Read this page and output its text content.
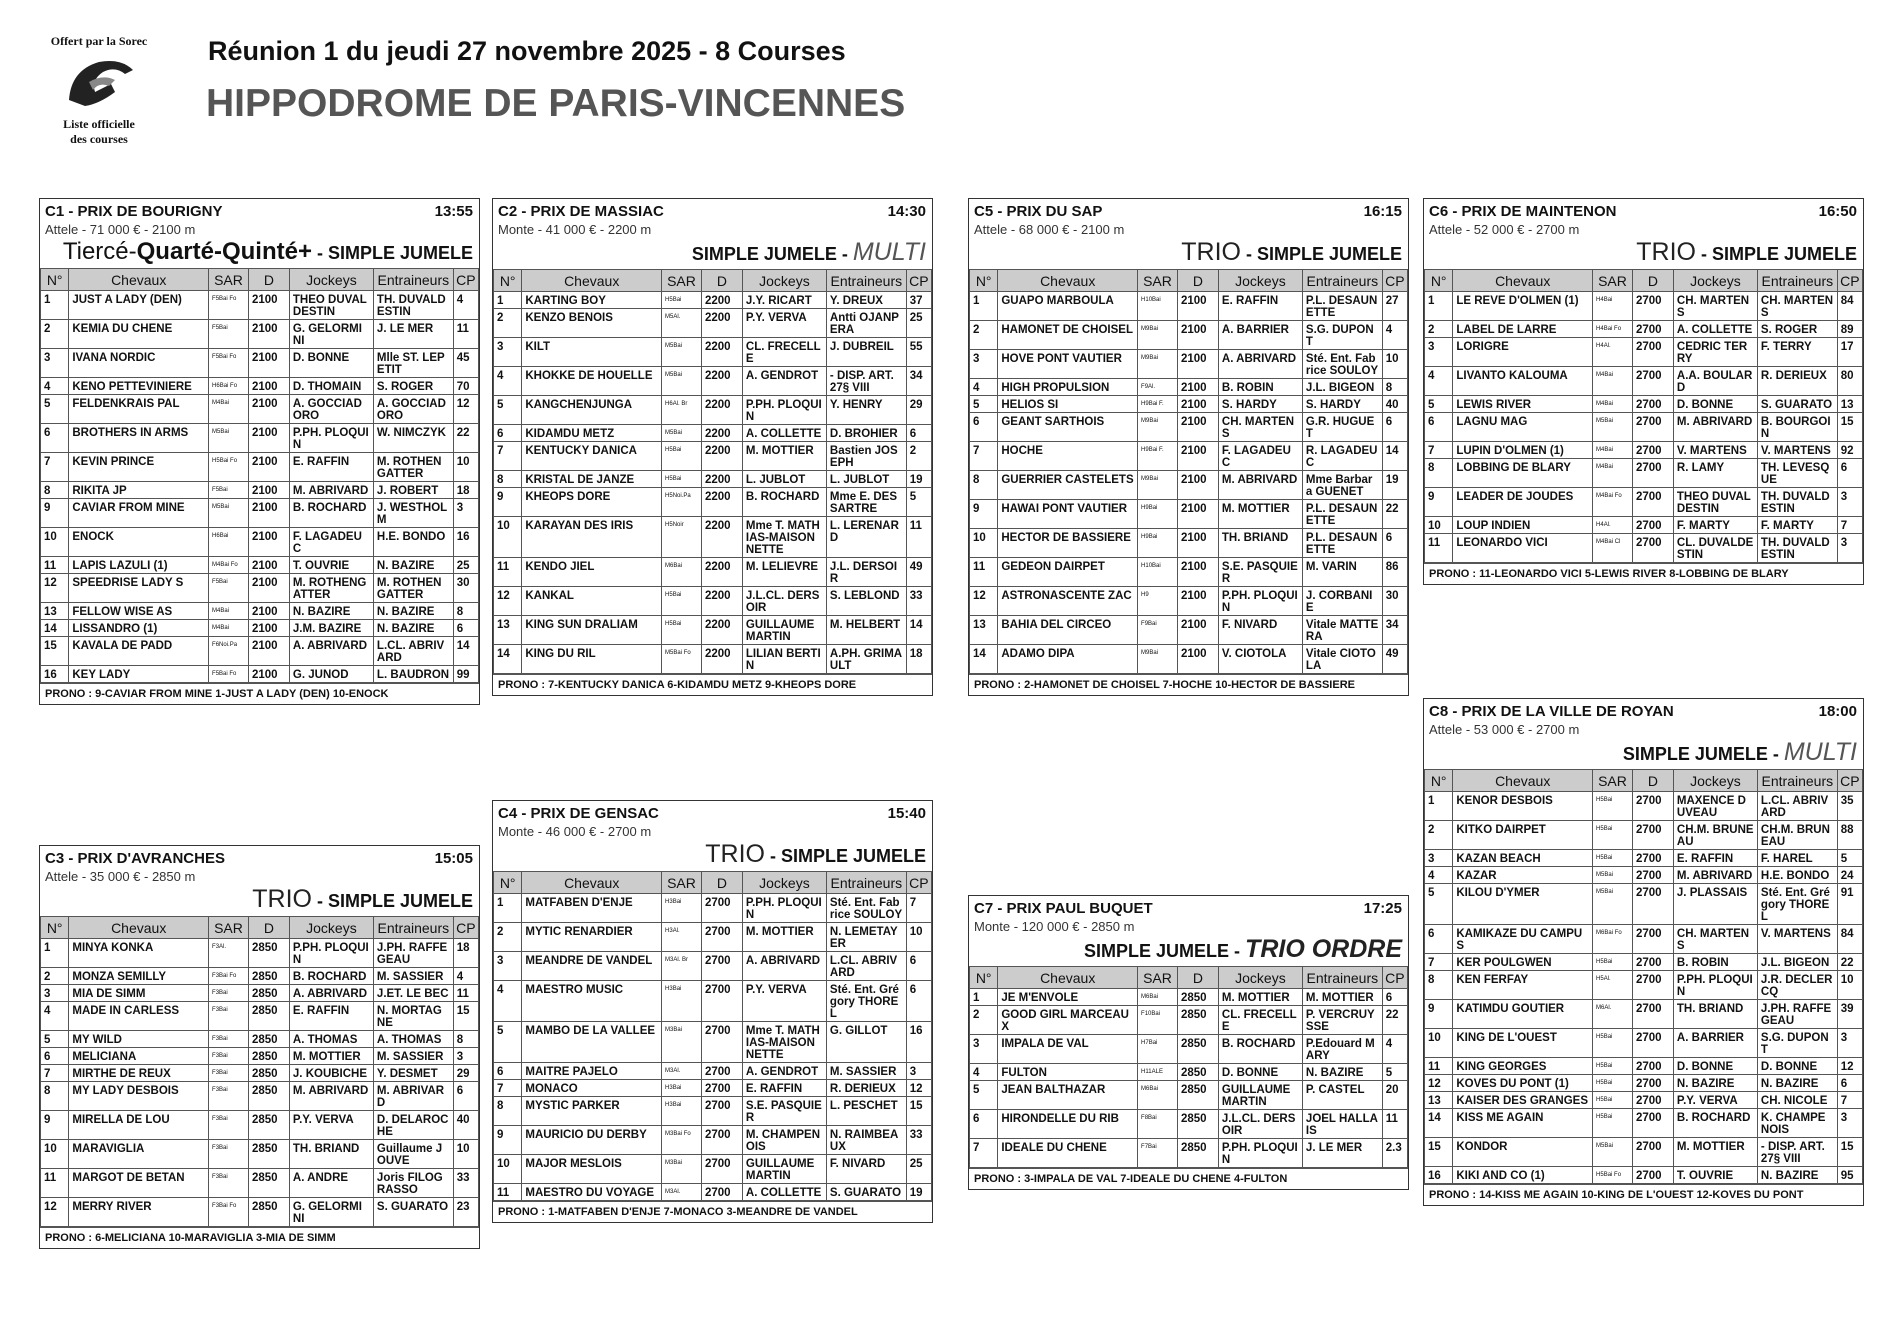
Offert par la Sorec
Liste officielle
des courses
Réunion 1 du jeudi 27 novembre 2025 - 8 Courses
HIPPODROME DE PARIS-VINCENNES
C1 - PRIX DE BOURIGNY	13:55
Attele - 71 000 € - 2100 m
Tiercé-Quarté-Quinté+ - SIMPLE JUMELE
N°	Chevaux	SAR	D	Jockeys	Entraineurs	CP
1	JUST A LADY (DEN)	F5Bai Fo	2100	THEO DUVALDESTIN	TH. DUVALDESTIN	4
2	KEMIA DU CHENE	F5Bai	2100	G. GELORMINI	J. LE MER	11
3	IVANA NORDIC	F5Bai Fo	2100	D. BONNE	Mlle ST. LEPETIT	45
4	KENO PETTEVINIERE	H6Bai Fo	2100	D. THOMAIN	S. ROGER	70
5	FELDENKRAIS PAL	M4Bai	2100	A. GOCCIADORO	A. GOCCIADORO	12
6	BROTHERS IN ARMS	M5Bai	2100	P.PH. PLOQUIN	W. NIMCZYK	22
7	KEVIN PRINCE	H5Bai Fo	2100	E. RAFFIN	M. ROTHENGATTER	10
8	RIKITA JP	F5Bai	2100	M. ABRIVARD	J. ROBERT	18
9	CAVIAR FROM MINE	M5Bai	2100	B. ROCHARD	J. WESTHOLM	3
10	ENOCK	H6Bai	2100	F. LAGADEUC	H.E. BONDO	16
11	LAPIS LAZULI (1)	M4Bai Fo	2100	T. OUVRIE	N. BAZIRE	25
12	SPEEDRISE LADY S	F5Bai	2100	M. ROTHENGATTER	M. ROTHENGATTER	30
13	FELLOW WISE AS	M4Bai	2100	N. BAZIRE	N. BAZIRE	8
14	LISSANDRO (1)	M4Bai	2100	J.M. BAZIRE	N. BAZIRE	6
15	KAVALA DE PADD	F6Noi.Pa	2100	A. ABRIVARD	L.CL. ABRIVARD	14
16	KEY LADY	F5Bai Fo	2100	G. JUNOD	L. BAUDRON	99
PRONO : 9-CAVIAR FROM MINE 1-JUST A LADY (DEN) 10-ENOCK
C2 - PRIX DE MASSIAC	14:30
Monte - 41 000 € - 2200 m
SIMPLE JUMELE - MULTI
N°	Chevaux	SAR	D	Jockeys	Entraineurs	CP
1	KARTING BOY	H5Bai	2200	J.Y. RICART	Y. DREUX	37
2	KENZO BENOIS	M5Al.	2200	P.Y. VERVA	Antti OJANPERA	25
3	KILT	M5Bai	2200	CL. FRECELLE	J. DUBREIL	55
4	KHOKKE DE HOUELLE	M5Bai	2200	A. GENDROT	- DISP. ART. 27§ VIII	34
5	KANGCHENJUNGA	H6Al. Br	2200	P.PH. PLOQUIN	Y. HENRY	29
6	KIDAMDU METZ	M5Bai	2200	A. COLLETTE	D. BROHIER	6
7	KENTUCKY DANICA	H5Bai	2200	M. MOTTIER	Bastien JOSEPH	2
8	KRISTAL DE JANZE	H5Bai	2200	L. JUBLOT	L. JUBLOT	19
9	KHEOPS DORE	H5Noi.Pa	2200	B. ROCHARD	Mme E. DESSARTRE	5
10	KARAYAN DES IRIS	H5Noir	2200	Mme T. MATHIAS-MAISONNETTE	L. LERENARD	11
11	KENDO JIEL	M6Bai	2200	M. LELIEVRE	J.L. DERSOIR	49
12	KANKAL	H5Bai	2200	J.L.CL. DERSOIR	S. LEBLOND	33
13	KING SUN DRALIAM	H5Bai	2200	GUILLAUME MARTIN	M. HELBERT	14
14	KING DU RIL	M5Bai Fo	2200	LILIAN BERTIN	A.PH. GRIMAULT	18
PRONO : 7-KENTUCKY DANICA 6-KIDAMDU METZ 9-KHEOPS DORE
C3 - PRIX D'AVRANCHES	15:05
Attele - 35 000 € - 2850 m
TRIO - SIMPLE JUMELE
N°	Chevaux	SAR	D	Jockeys	Entraineurs	CP
1	MINYA KONKA	F3Al.	2850	P.PH. PLOQUIN	J.PH. RAFFEGEAU	18
2	MONZA SEMILLY	F3Bai Fo	2850	B. ROCHARD	M. SASSIER	4
3	MIA DE SIMM	F3Bai	2850	A. ABRIVARD	J.ET. LE BEC	11
4	MADE IN CARLESS	F3Bai	2850	E. RAFFIN	N. MORTAGNE	15
5	MY WILD	F3Bai	2850	A. THOMAS	A. THOMAS	8
6	MELICIANA	F3Bai	2850	M. MOTTIER	M. SASSIER	3
7	MIRTHE DE REUX	F3Bai	2850	J. KOUBICHE	Y. DESMET	29
8	MY LADY DESBOIS	F3Bai	2850	M. ABRIVARD	M. ABRIVARD	6
9	MIRELLA DE LOU	F3Bai	2850	P.Y. VERVA	D. DELAROCHE	40
10	MARAVIGLIA	F3Bai	2850	TH. BRIAND	Guillaume JOUVE	10
11	MARGOT DE BETAN	F3Bai	2850	A. ANDRE	Joris FILOGRASSO	33
12	MERRY RIVER	F3Bai Fo	2850	G. GELORMINI	S. GUARATO	23
PRONO : 6-MELICIANA 10-MARAVIGLIA 3-MIA DE SIMM
C4 - PRIX DE GENSAC	15:40
Monte - 46 000 € - 2700 m
TRIO - SIMPLE JUMELE
N°	Chevaux	SAR	D	Jockeys	Entraineurs	CP
1	MATFABEN D'ENJE	H3Bai	2700	P.PH. PLOQUIN	Sté. Ent. Fabrice SOULOY	7
2	MYTIC RENARDIER	H3Al.	2700	M. MOTTIER	N. LEMETAYER	10
3	MEANDRE DE VANDEL	M3Al. Br	2700	A. ABRIVARD	L.CL. ABRIVARD	6
4	MAESTRO MUSIC	H3Bai	2700	P.Y. VERVA	Sté. Ent. Grégory THOREL	6
5	MAMBO DE LA VALLEE	M3Bai	2700	Mme T. MATHIAS-MAISONNETTE	G. GILLOT	16
6	MAITRE PAJELO	M3Al.	2700	A. GENDROT	M. SASSIER	3
7	MONACO	H3Bai	2700	E. RAFFIN	R. DERIEUX	12
8	MYSTIC PARKER	H3Bai	2700	S.E. PASQUIER	L. PESCHET	15
9	MAURICIO DU DERBY	M3Bai Fo	2700	M. CHAMPENOIS	N. RAIMBEAUX	33
10	MAJOR MESLOIS	M3Bai	2700	GUILLAUME MARTIN	F. NIVARD	25
11	MAESTRO DU VOYAGE	M3Al.	2700	A. COLLETTE	S. GUARATO	19
PRONO : 1-MATFABEN D'ENJE 7-MONACO 3-MEANDRE DE VANDEL
C5 - PRIX DU SAP	16:15
Attele - 68 000 € - 2100 m
TRIO - SIMPLE JUMELE
N°	Chevaux	SAR	D	Jockeys	Entraineurs	CP
1	GUAPO MARBOULA	H10Bai	2100	E. RAFFIN	P.L. DESAUNETTE	27
2	HAMONET DE CHOISEL	M9Bai	2100	A. BARRIER	S.G. DUPONT	4
3	HOVE PONT VAUTIER	M9Bai	2100	A. ABRIVARD	Sté. Ent. Fabrice SOULOY	10
4	HIGH PROPULSION	F9Al.	2100	B. ROBIN	J.L. BIGEON	8
5	HELIOS SI	H9Bai F.	2100	S. HARDY	S. HARDY	40
6	GEANT SARTHOIS	M9Bai	2100	CH. MARTENS	G.R. HUGUET	6
7	HOCHE	H9Bai F.	2100	F. LAGADEUC	R. LAGADEUC	14
8	GUERRIER CASTELETS	M9Bai	2100	M. ABRIVARD	Mme Barbara GUENET	19
9	HAWAI PONT VAUTIER	H9Bai	2100	M. MOTTIER	P.L. DESAUNETTE	22
10	HECTOR DE BASSIERE	H9Bai	2100	TH. BRIAND	P.L. DESAUNETTE	6
11	GEDEON DAIRPET	H10Bai	2100	S.E. PASQUIER	M. VARIN	86
12	ASTRONASCENTE ZAC	H9	2100	P.PH. PLOQUIN	J. CORBANIE	30
13	BAHIA DEL CIRCEO	F9Bai	2100	F. NIVARD	Vitale MATTERA	34
14	ADAMO DIPA	M9Bai	2100	V. CIOTOLA	Vitale CIOTOLA	49
PRONO : 2-HAMONET DE CHOISEL 7-HOCHE 10-HECTOR DE BASSIERE
C6 - PRIX DE MAINTENON	16:50
Attele - 52 000 € - 2700 m
TRIO - SIMPLE JUMELE
N°	Chevaux	SAR	D	Jockeys	Entraineurs	CP
1	LE REVE D'OLMEN (1)	H4Bai	2700	CH. MARTENS	CH. MARTENS	84
2	LABEL DE LARRE	H4Bai Fo	2700	A. COLLETTE	S. ROGER	89
3	LORIGRE	H4Al.	2700	CEDRIC TERRY	F. TERRY	17
4	LIVANTO KALOUMA	M4Bai	2700	A.A. BOULARD	R. DERIEUX	80
5	LEWIS RIVER	M4Bai	2700	D. BONNE	S. GUARATO	13
6	LAGNU MAG	M5Bai	2700	M. ABRIVARD	B. BOURGOIN	15
7	LUPIN D'OLMEN (1)	M4Bai	2700	V. MARTENS	V. MARTENS	92
8	LOBBING DE BLARY	M4Bai	2700	R. LAMY	TH. LEVESQUE	6
9	LEADER DE JOUDES	M4Bai Fo	2700	THEO DUVALDESTIN	TH. DUVALDESTIN	3
10	LOUP INDIEN	H4Al.	2700	F. MARTY	F. MARTY	7
11	LEONARDO VICI	M4Bai Cl	2700	CL. DUVALDESTIN	TH. DUVALDESTIN	3
PRONO : 11-LEONARDO VICI 5-LEWIS RIVER 8-LOBBING DE BLARY
C7 - PRIX PAUL BUQUET	17:25
Monte - 120 000 € - 2850 m
SIMPLE JUMELE - TRIO ORDRE
N°	Chevaux	SAR	D	Jockeys	Entraineurs	CP
1	JE M'ENVOLE	M6Bai	2850	M. MOTTIER	M. MOTTIER	6
2	GOOD GIRL MARCEAUX	F10Bai	2850	CL. FRECELLE	P. VERCRUYSSE	22
3	IMPALA DE VAL	H7Bai	2850	B. ROCHARD	P.Edouard MARY	4
4	FULTON	H11ALE	2850	D. BONNE	N. BAZIRE	5
5	JEAN BALTHAZAR	M6Bai	2850	GUILLAUME MARTIN	P. CASTEL	20
6	HIRONDELLE DU RIB	F8Bai	2850	J.L.CL. DERSOIR	JOEL HALLAIS	11
7	IDEALE DU CHENE	F7Bai	2850	P.PH. PLOQUIN	J. LE MER	2.3
PRONO : 3-IMPALA DE VAL 7-IDEALE DU CHENE 4-FULTON
C8 - PRIX DE LA VILLE DE ROYAN	18:00
Attele - 53 000 € - 2700 m
SIMPLE JUMELE - MULTI
N°	Chevaux	SAR	D	Jockeys	Entraineurs	CP
1	KENOR DESBOIS	H5Bai	2700	MAXENCE DUVEAU	L.CL. ABRIVARD	35
2	KITKO DAIRPET	H5Bai	2700	CH.M. BRUNEAU	CH.M. BRUNEAU	88
3	KAZAN BEACH	H5Bai	2700	E. RAFFIN	F. HAREL	5
4	KAZAR	M5Bai	2700	M. ABRIVARD	H.E. BONDO	24
5	KILOU D'YMER	M5Bai	2700	J. PLASSAIS	Sté. Ent. Grégory THOREL	91
6	KAMIKAZE DU CAMPUS	M6Bai Fo	2700	CH. MARTENS	V. MARTENS	84
7	KER POULGWEN	H5Bai	2700	B. ROBIN	J.L. BIGEON	22
8	KEN FERFAY	H5Al.	2700	P.PH. PLOQUIN	J.R. DECLERCQ	10
9	KATIMDU GOUTIER	M6Al.	2700	TH. BRIAND	J.PH. RAFFEGEAU	39
10	KING DE L'OUEST	H5Bai	2700	A. BARRIER	S.G. DUPONT	3
11	KING GEORGES	H5Bai	2700	D. BONNE	D. BONNE	12
12	KOVES DU PONT (1)	H5Bai	2700	N. BAZIRE	N. BAZIRE	6
13	KAISER DES GRANGES	H5Bai	2700	P.Y. VERVA	CH. NICOLE	7
14	KISS ME AGAIN	H5Bai	2700	B. ROCHARD	K. CHAMPENOIS	3
15	KONDOR	M5Bai	2700	M. MOTTIER	- DISP. ART. 27§ VIII	15
16	KIKI AND CO (1)	H5Bai Fo	2700	T. OUVRIE	N. BAZIRE	95
PRONO : 14-KISS ME AGAIN 10-KING DE L'OUEST 12-KOVES DU PONT
